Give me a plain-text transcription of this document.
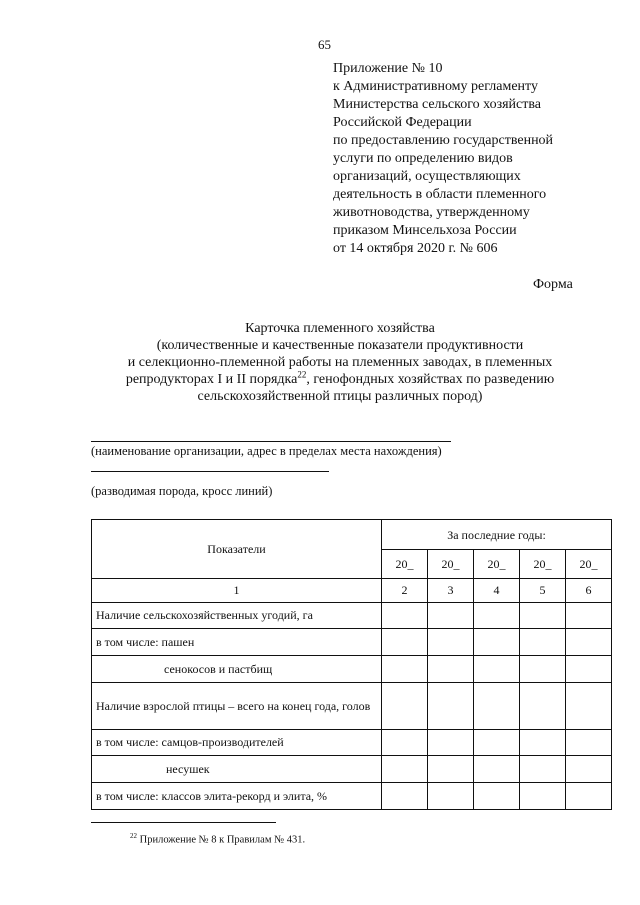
65
Приложение № 10
к Административному регламенту
Министерства сельского хозяйства
Российской Федерации
по предоставлению государственной
услуги по определению видов
организаций, осуществляющих
деятельность в области племенного
животноводства, утвержденному
приказом Минсельхоза России
от 14 октября 2020 г. № 606
Форма
Карточка племенного хозяйства
(количественные и качественные показатели продуктивности
и селекционно-племенной работы на племенных заводах, в племенных
репродукторах I и II порядка$^{22}$, генофондных хозяйствах по разведению
сельскохозяйственной птицы различных пород)
(наименование организации, адрес в пределах места нахождения)
(разводимая порода, кросс линий)
Показатели	За последние годы:				
	20_	20_	20_	20_	20_
1	2	3	4	5	6
Наличие сельскохозяйственных угодий, га					
в том числе: пашен					
сенокосов и пастбищ					
Наличие взрослой птицы – всего на конец года, голов					
в том числе: самцов-производителей					
несушек					
в том числе: классов элита-рекорд и элита, %					
$^{22}$ Приложение № 8 к Правилам № 431.
